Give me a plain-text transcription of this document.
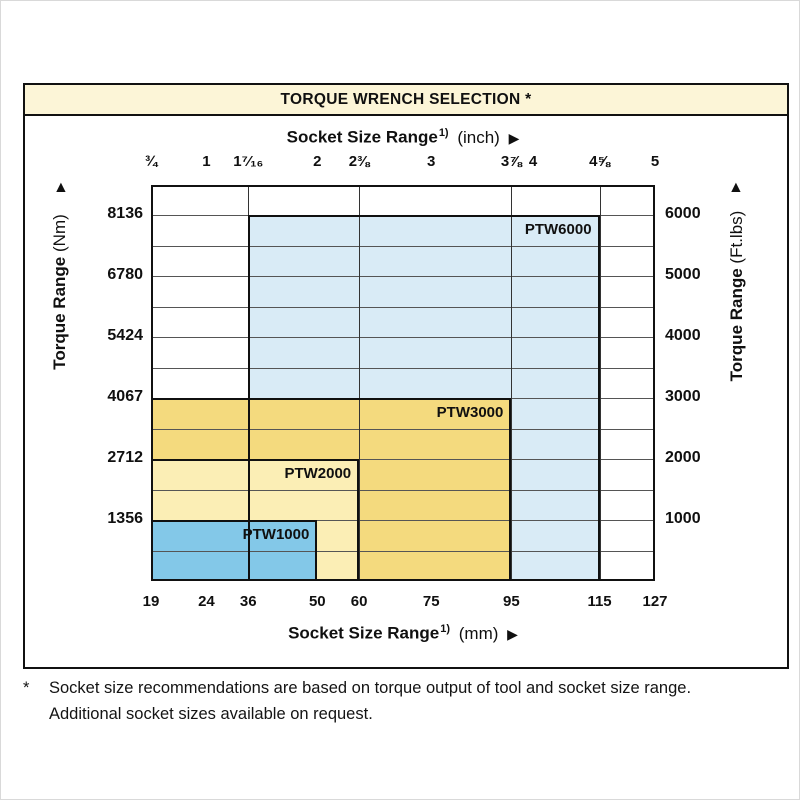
TORQUE WRENCH SELECTION *
Socket Size Range$^{1)}$ (inch) ▶
¾	1 1⁷⁄₁₆	2 2⅜	3	3⅞ 4	4⅝	5
PTW6000
PTW3000
PTW2000
PTW1000
19	24 36	50 60	75	95	115 127
Socket Size Range$^{1)}$ (mm) ▶
8136
6780
5424
4067
2712
1356
6000
5000
4000
3000
2000
1000
▲
Torque Range (Nm)
▲
Torque Range (Ft.lbs)
* Socket size recommendations are based on torque output of tool and socket size range.
Additional socket sizes available on request.
